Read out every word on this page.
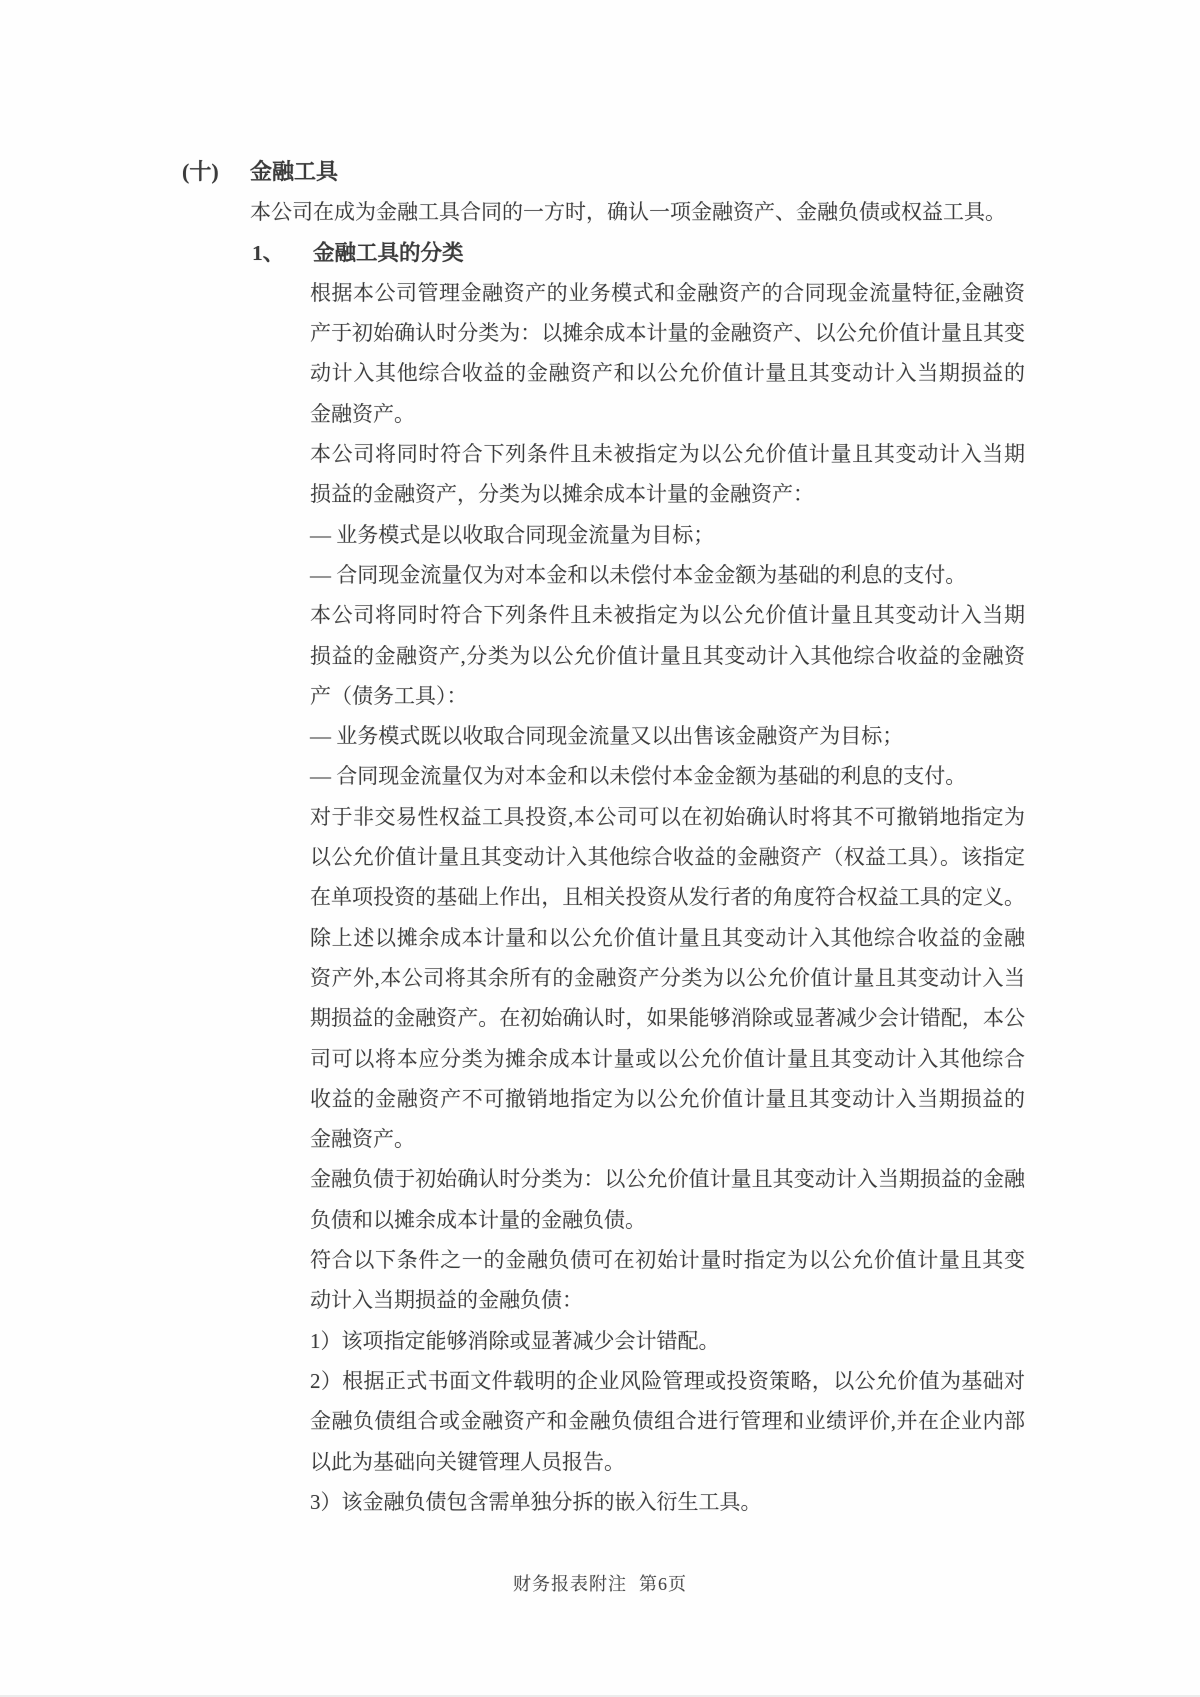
(十)	金融工具
本公司在成为金融工具合同的一方时，确认一项金融资产、金融负债或权益工具。
1、	金融工具的分类
根据本公司管理金融资产的业务模式和金融资产的合同现金流量特征,金融资
产于初始确认时分类为：以摊余成本计量的金融资产、以公允价值计量且其变
动计入其他综合收益的金融资产和以公允价值计量且其变动计入当期损益的
金融资产。
本公司将同时符合下列条件且未被指定为以公允价值计量且其变动计入当期
损益的金融资产，分类为以摊余成本计量的金融资产：
— 业务模式是以收取合同现金流量为目标；
— 合同现金流量仅为对本金和以未偿付本金金额为基础的利息的支付。
本公司将同时符合下列条件且未被指定为以公允价值计量且其变动计入当期
损益的金融资产,分类为以公允价值计量且其变动计入其他综合收益的金融资
产（债务工具）：
— 业务模式既以收取合同现金流量又以出售该金融资产为目标；
— 合同现金流量仅为对本金和以未偿付本金金额为基础的利息的支付。
对于非交易性权益工具投资,本公司可以在初始确认时将其不可撤销地指定为
以公允价值计量且其变动计入其他综合收益的金融资产（权益工具）。该指定
在单项投资的基础上作出，且相关投资从发行者的角度符合权益工具的定义。
除上述以摊余成本计量和以公允价值计量且其变动计入其他综合收益的金融
资产外,本公司将其余所有的金融资产分类为以公允价值计量且其变动计入当
期损益的金融资产。在初始确认时，如果能够消除或显著减少会计错配，本公
司可以将本应分类为摊余成本计量或以公允价值计量且其变动计入其他综合
收益的金融资产不可撤销地指定为以公允价值计量且其变动计入当期损益的
金融资产。
金融负债于初始确认时分类为：以公允价值计量且其变动计入当期损益的金融
负债和以摊余成本计量的金融负债。
符合以下条件之一的金融负债可在初始计量时指定为以公允价值计量且其变
动计入当期损益的金融负债：
1）该项指定能够消除或显著减少会计错配。
2）根据正式书面文件载明的企业风险管理或投资策略，以公允价值为基础对
金融负债组合或金融资产和金融负债组合进行管理和业绩评价,并在企业内部
以此为基础向关键管理人员报告。
3）该金融负债包含需单独分拆的嵌入衍生工具。
财务报表附注 第6页
